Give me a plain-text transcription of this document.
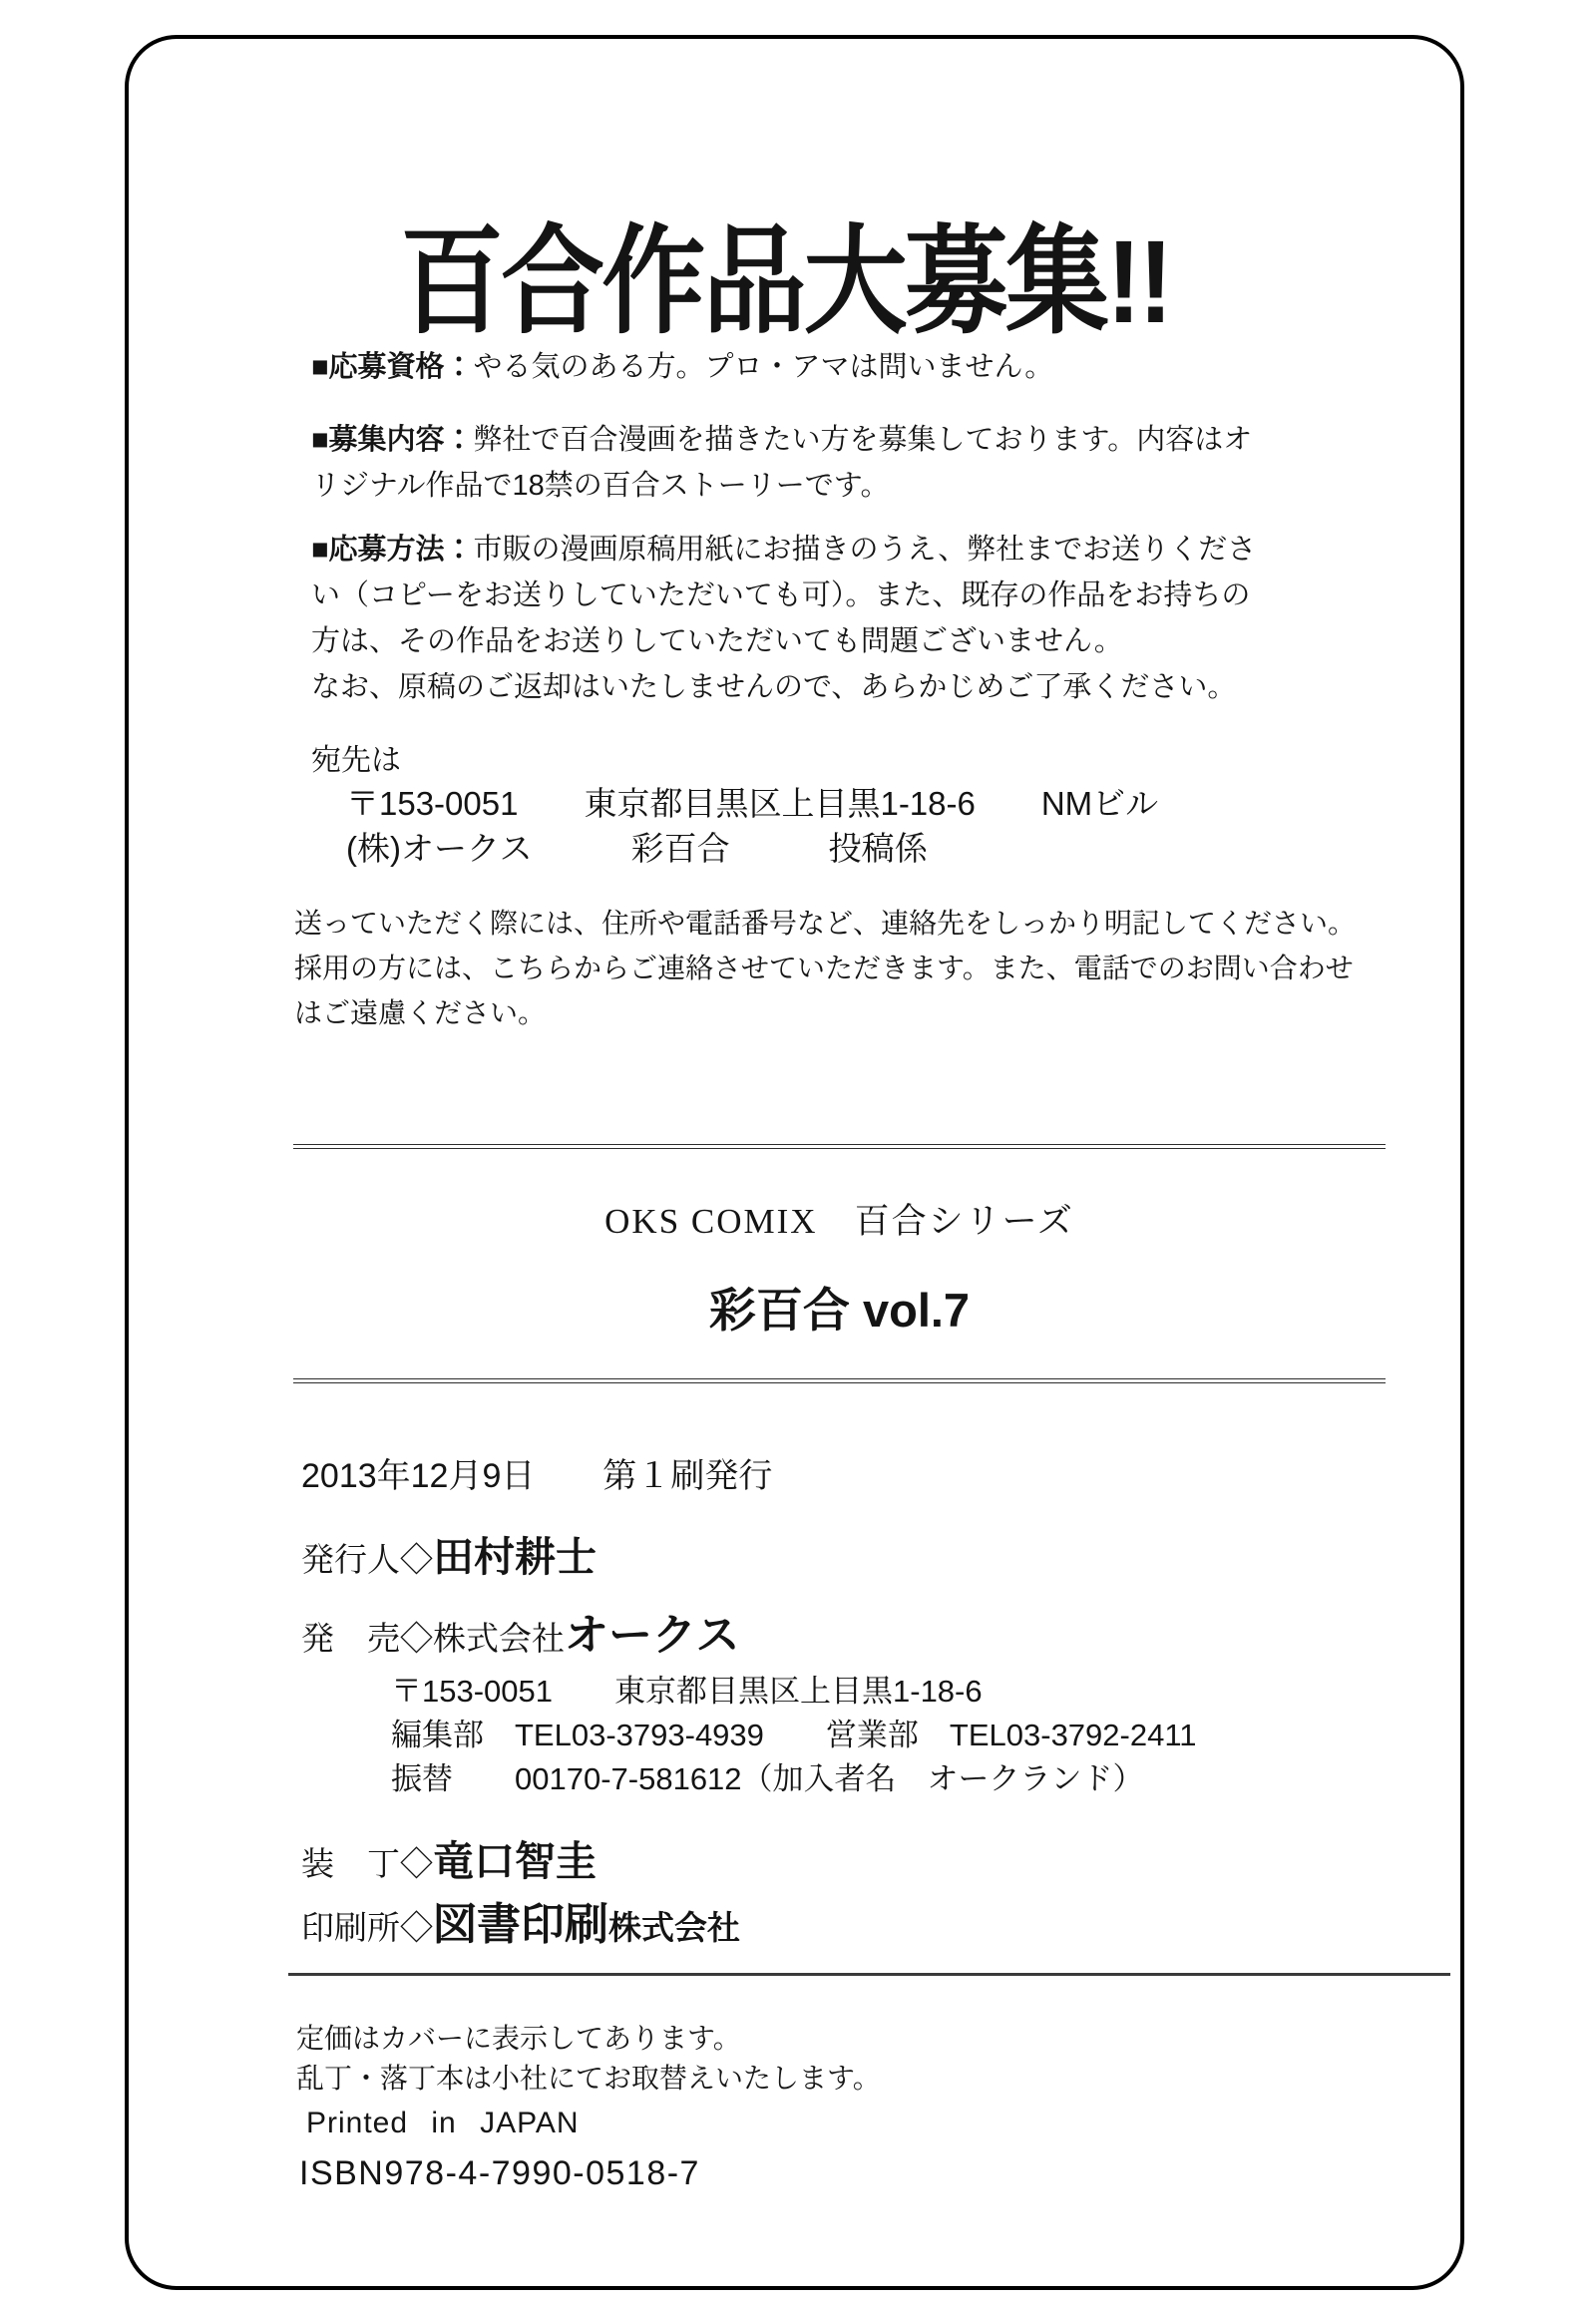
百合作品大募集!!
■応募資格：やる気のある方。プロ・アマは問いません。
■募集内容：弊社で百合漫画を描きたい方を募集しております。内容はオ
リジナル作品で18禁の百合ストーリーです。
■応募方法：市販の漫画原稿用紙にお描きのうえ、弊社までお送りくださ
い（コピーをお送りしていただいても可）。また、既存の作品をお持ちの
方は、その作品をお送りしていただいても問題ございません。
なお、原稿のご返却はいたしませんので、あらかじめご了承ください。
宛先は
〒153-0051　　東京都目黒区上目黒1-18-6　　NMビル
(株)オークス　　　彩百合　　　投稿係
送っていただく際には、住所や電話番号など、連絡先をしっかり明記してください。
採用の方には、こちらからご連絡させていただきます。また、電話でのお問い合わせ
はご遠慮ください。
OKS COMIX　百合シリーズ
彩百合 vol.7
2013年12月9日　　第１刷発行
発行人◇田村耕士
発　売◇株式会社オークス
〒153-0051　　東京都目黒区上目黒1-18-6
編集部　TEL03-3793-4939　　営業部　TEL03-3792-2411
振替　　00170-7-581612（加入者名　オークランド）
装　丁◇竜口智圭
印刷所◇図書印刷株式会社
定価はカバーに表示してあります。
乱丁・落丁本は小社にてお取替えいたします。
Printed in JAPAN
ISBN978-4-7990-0518-7
